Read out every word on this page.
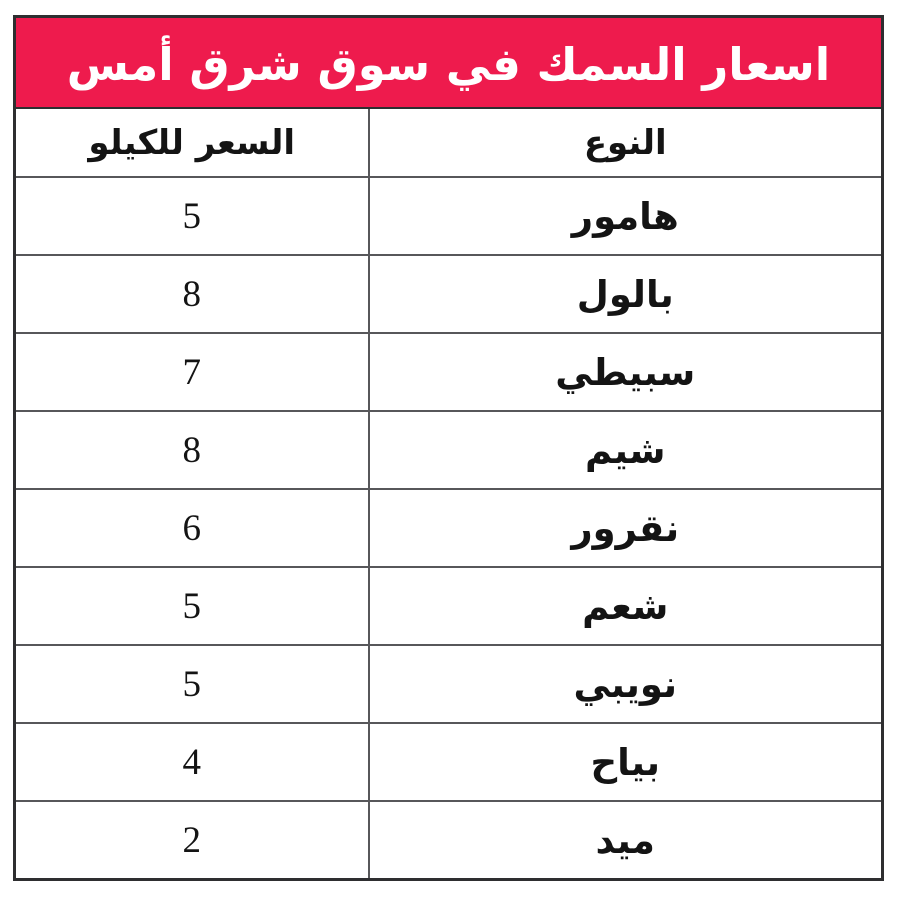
اسعار السمك في سوق شرق أمس	

النوع	السعر للكيلو
هامور	5
بالول	8
سبيطي	7
شيم	8
نقرور	6
شعم	5
نويبي	5
بياح	4
ميد	2
